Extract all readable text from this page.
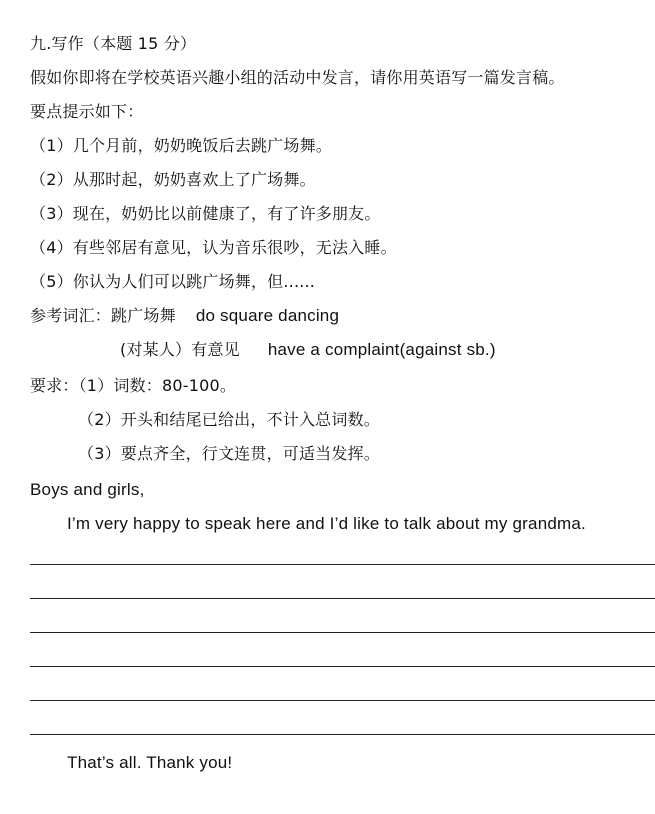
九.写作（本题 15 分）
假如你即将在学校英语兴趣小组的活动中发言，请你用英语写一篇发言稿。
要点提示如下：
（1）几个月前，奶奶晚饭后去跳广场舞。
（2）从那时起，奶奶喜欢上了广场舞。
（3）现在，奶奶比以前健康了，有了许多朋友。
（4）有些邻居有意见，认为音乐很吵，无法入睡。
（5）你认为人们可以跳广场舞，但......
参考词汇：跳广场舞 do square dancing
(对某人）有意见 have a complaint(against sb.)
要求：（1）词数：80-100。
（2）开头和结尾已给出，不计入总词数。
（3）要点齐全，行文连贯，可适当发挥。
Boys and girls,
I’m very happy to speak here and I’d like to talk about my grandma.
That’s all. Thank you!
